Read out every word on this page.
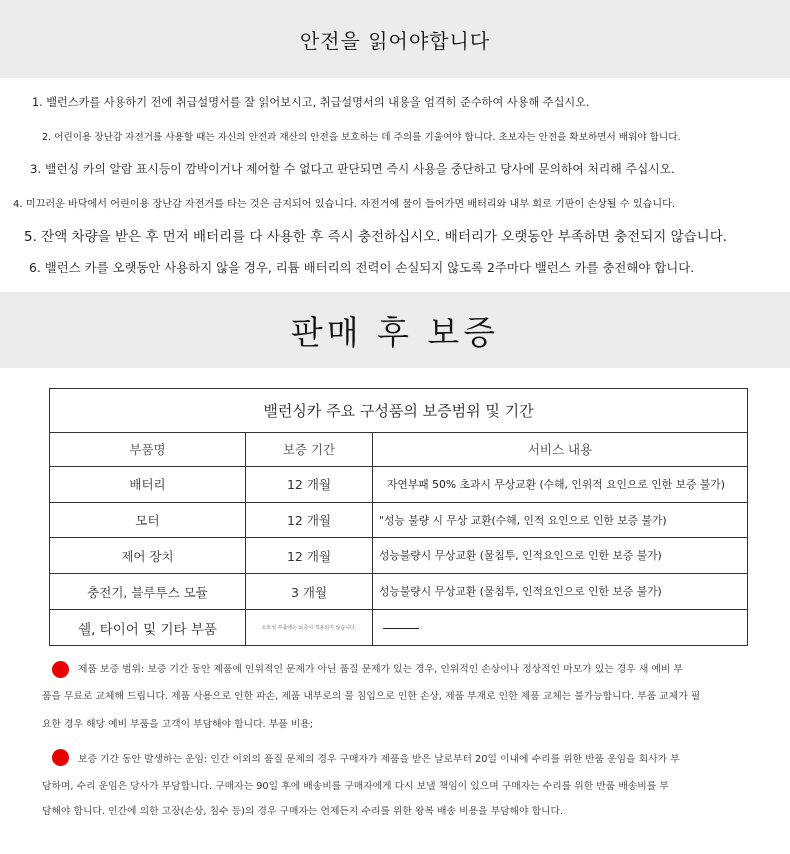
안전을 읽어야합니다
1. 밸런스카를 사용하기 전에 취급설명서를 잘 읽어보시고, 취급설명서의 내용을 엄격히 준수하여 사용해 주십시오.
2. 어린이용 장난감 자전거를 사용할 때는 자신의 안전과 재산의 안전을 보호하는 데 주의를 기울여야 합니다. 초보자는 안전을 확보하면서 배워야 합니다.
3. 밸런싱 카의 알람 표시등이 깜박이거나 제어할 수 없다고 판단되면 즉시 사용을 중단하고 당사에 문의하여 처리해 주십시오.
4. 미끄러운 바닥에서 어린이용 장난감 자전거를 타는 것은 금지되어 있습니다. 자전거에 물이 들어가면 배터리와 내부 회로 기판이 손상될 수 있습니다.
5. 잔액 차량을 받은 후 먼저 배터리를 다 사용한 후 즉시 충전하십시오. 배터리가 오랫동안 부족하면 충전되지 않습니다.
6. 밸런스 카를 오랫동안 사용하지 않을 경우, 리튬 배터리의 전력이 손실되지 않도록 2주마다 밸런스 카를 충전해야 합니다.
판매 후 보증
밸런싱카 주요 구성품의 보증범위 및 기간		
부품명	보증 기간	서비스 내용
배터리	12 개월	자연부패 50% 초과시 무상교환 (수해, 인위적 요인으로 인한 보증 불가)
모터	12 개월	"성능 불량 시 무상 교환(수해, 인적 요인으로 인한 보증 불가)
제어 장치	12 개월	성능불량시 무상교환 (물침투, 인적요인으로 인한 보증 불가)
충전기, 블루투스 모듈	3 개월	성능불량시 무상교환 (물침투, 인적요인으로 인한 보증 불가)
쉘, 타이어 및 기타 부품	소모성 부품에는 보증이 적용되지 않습니다.	
제품 보증 범위: 보증 기간 동안 제품에 인위적인 문제가 아닌 품질 문제가 있는 경우, 인위적인 손상이나 정상적인 마모가 있는 경우 새 예비 부
품을 무료로 교체해 드립니다. 제품 사용으로 인한 파손, 제품 내부로의 물 침입으로 인한 손상, 제품 부재로 인한 제품 교체는 불가능합니다. 부품 교체가 필
요한 경우 해당 예비 부품을 고객이 부담해야 합니다. 부품 비용;
보증 기간 동안 발생하는 운임: 인간 이외의 품질 문제의 경우 구매자가 제품을 받은 날로부터 20일 이내에 수리를 위한 반품 운임을 회사가 부
담하며, 수리 운임은 당사가 부담합니다. 구매자는 90일 후에 배송비를 구매자에게 다시 보낼 책임이 있으며 구매자는 수리를 위한 반품 배송비를 부
담해야 합니다. 인간에 의한 고장(손상, 침수 등)의 경우 구매자는 언제든지 수리를 위한 왕복 배송 비용을 부담해야 합니다.
